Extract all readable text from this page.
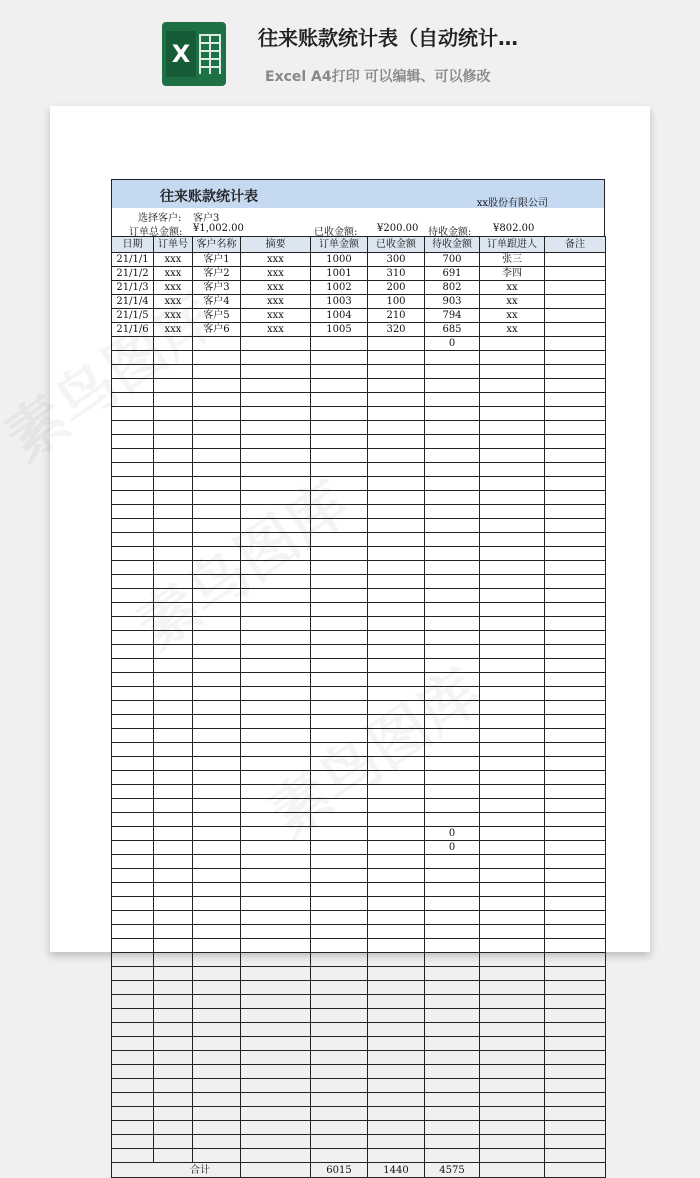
X
往来账款统计表（自动统计…
Excel A4打印 可以编辑、可以修改
往来账款统计表	xx股份有限公司
选择客户: 客户3
订单总金额: ¥1,002.00	已收金额: ¥200.00 待收金额: ¥802.00
日期	订单号	客户名称	摘要	订单金额	已收金额	待收金额	订单跟进人	备注
21/1/1	xxx	客户1	xxx	1000	300	700	张三	
21/1/2	xxx	客户2	xxx	1001	310	691	李四	
21/1/3	xxx	客户3	xxx	1002	200	802	xx	
21/1/4	xxx	客户4	xxx	1003	100	903	xx	
21/1/5	xxx	客户5	xxx	1004	210	794	xx	
21/1/6	xxx	客户6	xxx	1005	320	685	xx	
						0		

						0		
						0		

合计				6015	1440	4575		
